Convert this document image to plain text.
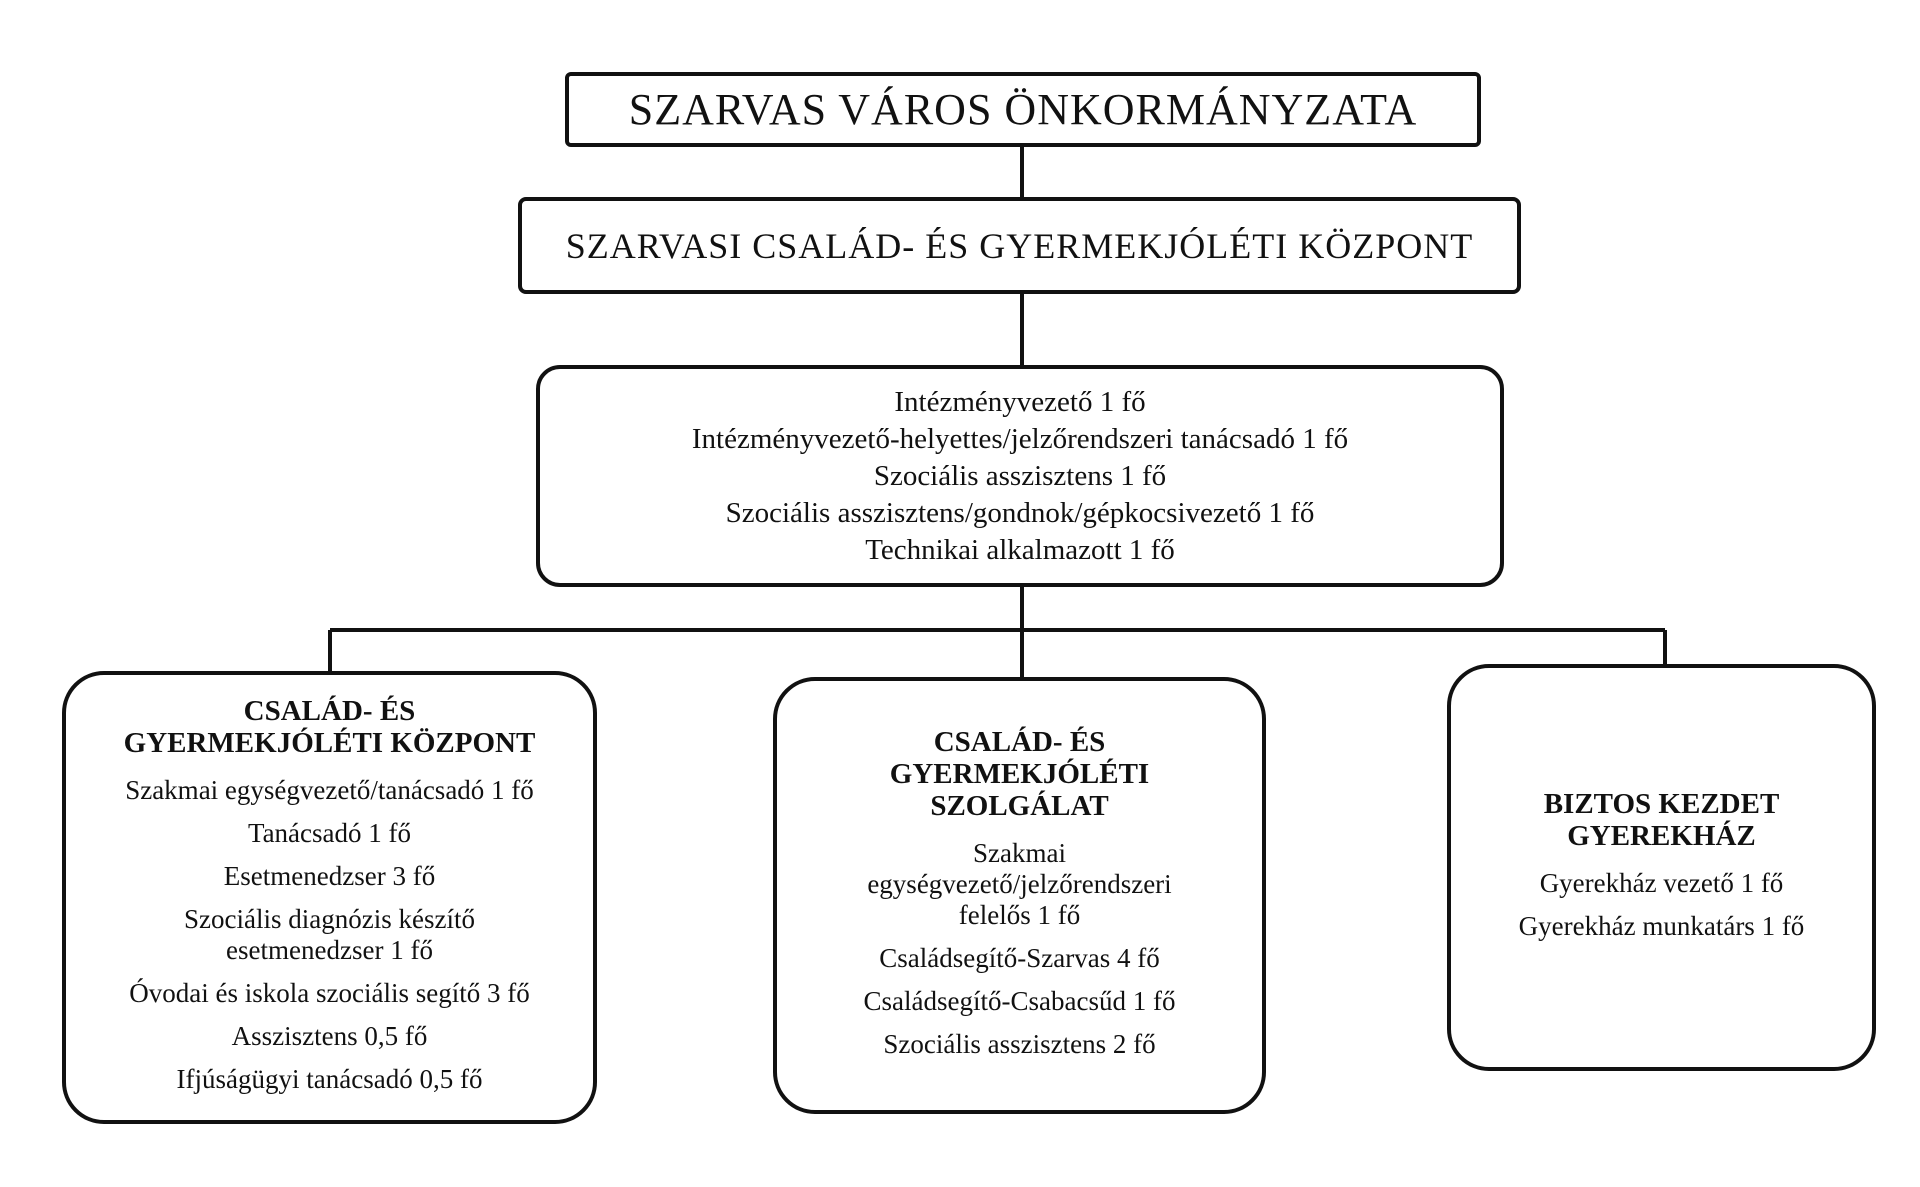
SZARVAS VÁROS ÖNKORMÁNYZATA
SZARVASI CSALÁD- ÉS GYERMEKJÓLÉTI KÖZPONT
Intézményvezető 1 fő
Intézményvezető-helyettes/jelzőrendszeri tanácsadó 1 fő
Szociális asszisztens 1 fő
Szociális asszisztens/gondnok/gépkocsivezető 1 fő
Technikai alkalmazott 1 fő
CSALÁD- ÉS
GYERMEKJÓLÉTI KÖZPONT
Szakmai egységvezető/tanácsadó 1 fő
Tanácsadó 1 fő
Esetmenedzser 3 fő
Szociális diagnózis készítő
esetmenedzser 1 fő
Óvodai és iskola szociális segítő 3 fő
Asszisztens 0,5 fő
Ifjúságügyi tanácsadó 0,5 fő
CSALÁD- ÉS
GYERMEKJÓLÉTI
SZOLGÁLAT
Szakmai
egységvezető/jelzőrendszeri
felelős 1 fő
Családsegítő-Szarvas 4 fő
Családsegítő-Csabacsűd 1 fő
Szociális asszisztens 2 fő
BIZTOS KEZDET
GYEREKHÁZ
Gyerekház vezető 1 fő
Gyerekház munkatárs 1 fő
